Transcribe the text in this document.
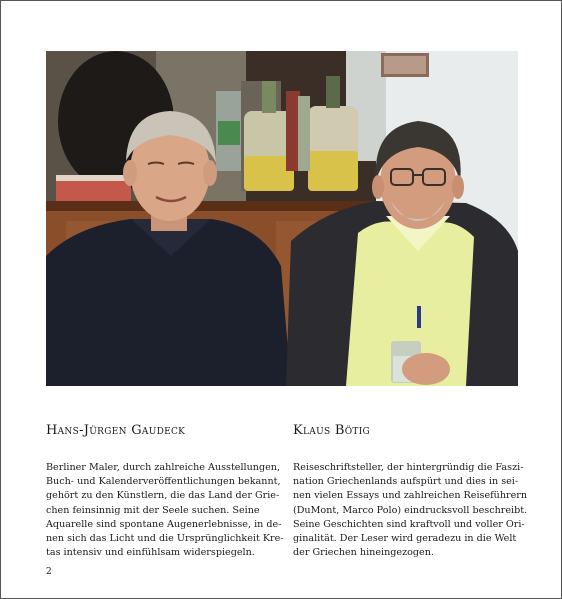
Hans-Jürgen Gaudeck	Klaus Bötig

Berliner Maler, durch zahlreiche Ausstellungen,
Buch- und Kalenderveröffentlichungen bekannt,
gehört zu den Künstlern, die das Land der Grie-
chen feinsinnig mit der Seele suchen. Seine
Aquarelle sind spontane Augenerlebnisse, in de-
nen sich das Licht und die Ursprünglichkeit Kre-
tas intensiv und einfühlsam widerspiegeln.

Reiseschriftsteller, der hintergründig die Faszi-
nation Griechenlands aufspürt und dies in sei-
nen vielen Essays und zahlreichen Reiseführern
(DuMont, Marco Polo) eindrucksvoll beschreibt.
Seine Geschichten sind kraftvoll und voller Ori-
ginalität. Der Leser wird geradezu in die Welt
der Griechen hineingezogen.

2
